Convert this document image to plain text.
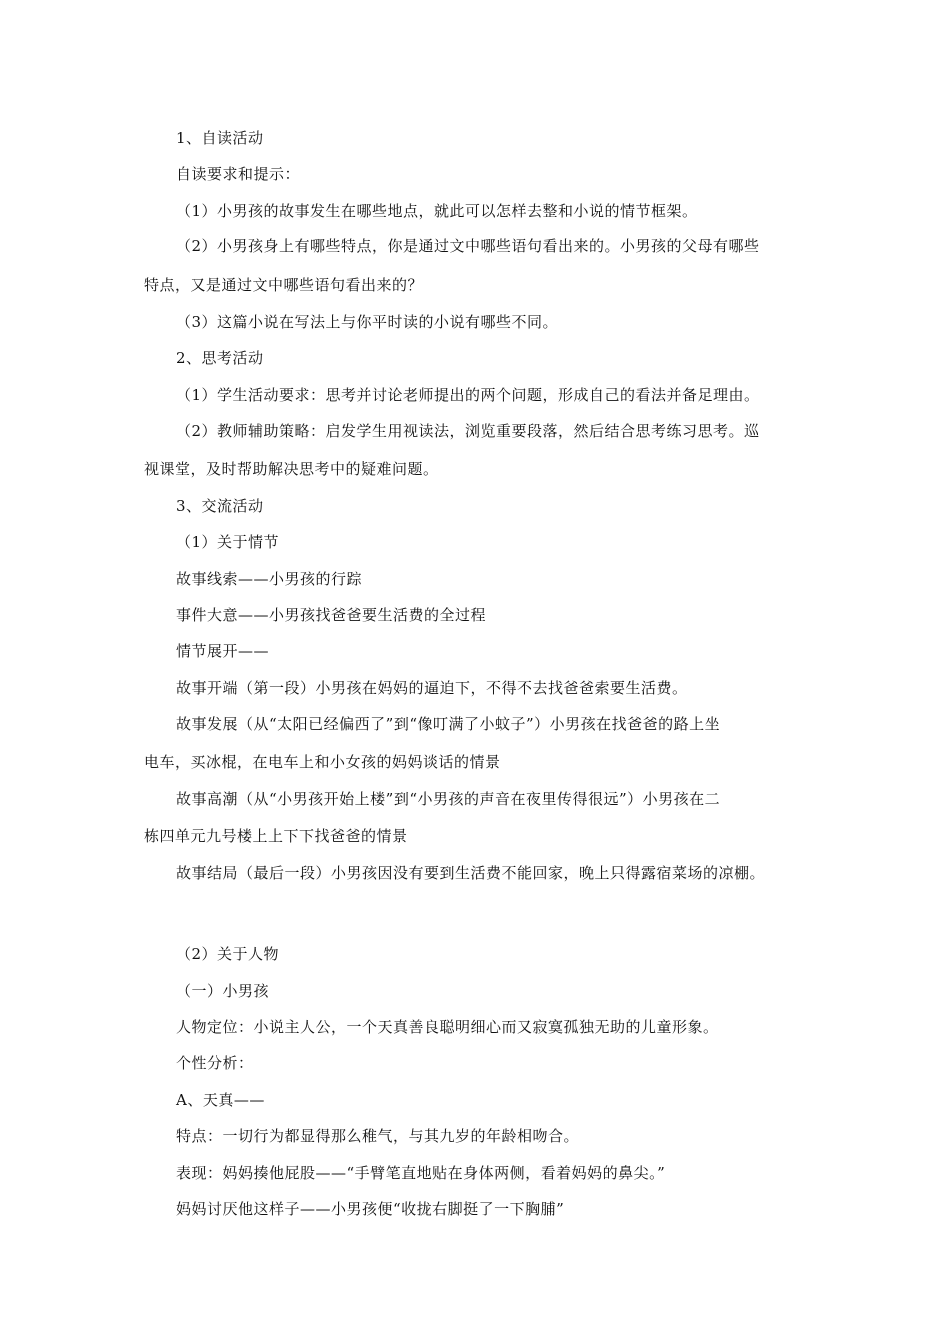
1、自读活动
自读要求和提示：
（1）小男孩的故事发生在哪些地点，就此可以怎样去整和小说的情节框架。
（2）小男孩身上有哪些特点，你是通过文中哪些语句看出来的。小男孩的父母有哪些
特点，又是通过文中哪些语句看出来的？
（3）这篇小说在写法上与你平时读的小说有哪些不同。
2、思考活动
（1）学生活动要求：思考并讨论老师提出的两个问题，形成自己的看法并备足理由。
（2）教师辅助策略：启发学生用视读法，浏览重要段落，然后结合思考练习思考。巡
视课堂，及时帮助解决思考中的疑难问题。
3、交流活动
（1）关于情节
故事线索——小男孩的行踪
事件大意——小男孩找爸爸要生活费的全过程
情节展开——
故事开端（第一段）小男孩在妈妈的逼迫下，不得不去找爸爸索要生活费。
故事发展（从“太阳已经偏西了”到“像叮满了小蚊子”）小男孩在找爸爸的路上坐
电车，买冰棍，在电车上和小女孩的妈妈谈话的情景
故事高潮（从“小男孩开始上楼”到“小男孩的声音在夜里传得很远”）小男孩在二
栋四单元九号楼上上下下找爸爸的情景
故事结局（最后一段）小男孩因没有要到生活费不能回家，晚上只得露宿菜场的凉棚。
（2）关于人物
（一）小男孩
人物定位：小说主人公，一个天真善良聪明细心而又寂寞孤独无助的儿童形象。
个性分析：
A、天真——
特点：一切行为都显得那么稚气，与其九岁的年龄相吻合。
表现：妈妈揍他屁股——“手臂笔直地贴在身体两侧，看着妈妈的鼻尖。”
妈妈讨厌他这样子——小男孩便“收拢右脚挺了一下胸脯”
